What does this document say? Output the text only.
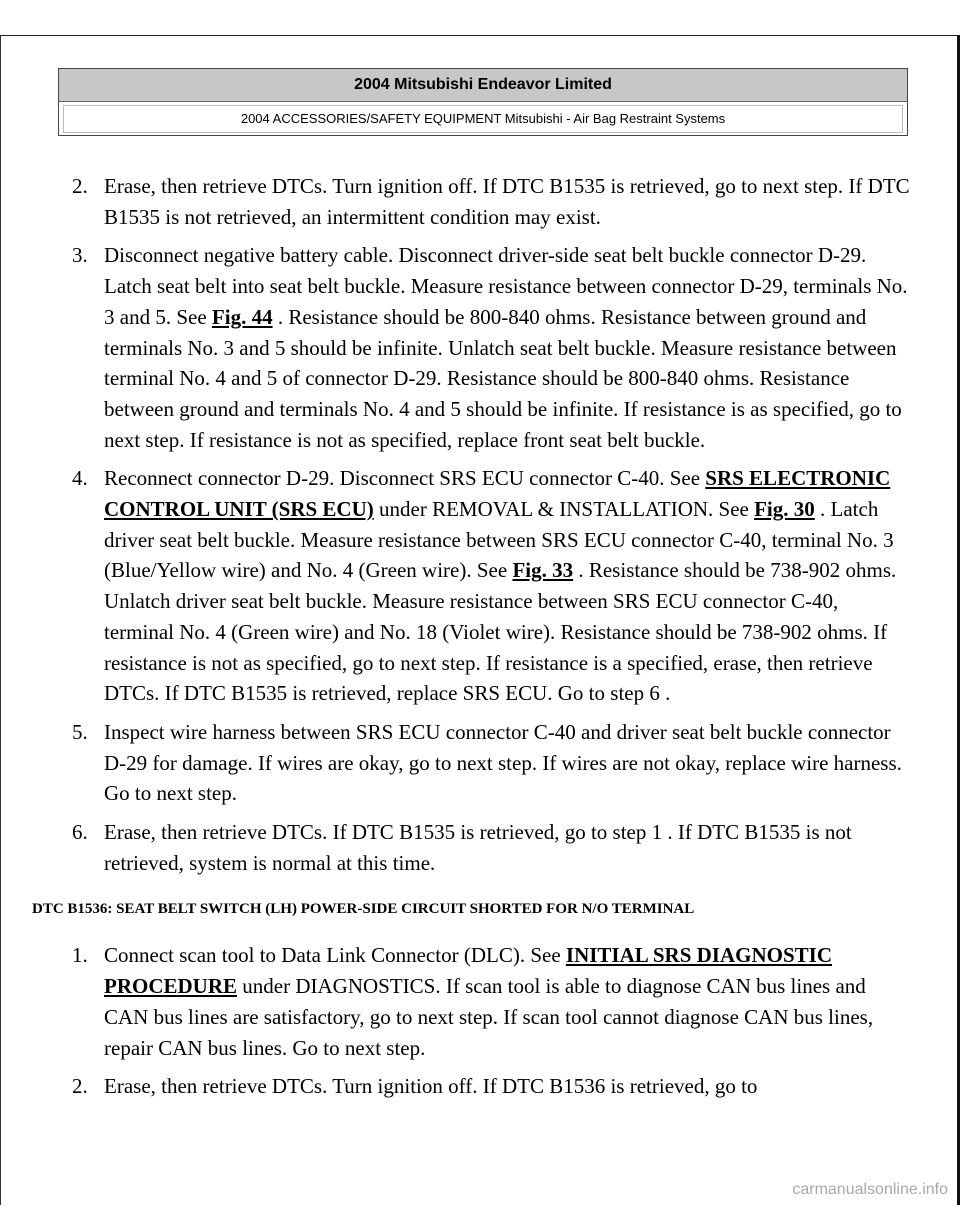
2004 Mitsubishi Endeavor Limited
2004 ACCESSORIES/SAFETY EQUIPMENT Mitsubishi - Air Bag Restraint Systems
2. Erase, then retrieve DTCs. Turn ignition off. If DTC B1535 is retrieved, go to next step. If DTC B1535 is not retrieved, an intermittent condition may exist.
3. Disconnect negative battery cable. Disconnect driver-side seat belt buckle connector D-29. Latch seat belt into seat belt buckle. Measure resistance between connector D-29, terminals No. 3 and 5. See Fig. 44 . Resistance should be 800-840 ohms. Resistance between ground and terminals No. 3 and 5 should be infinite. Unlatch seat belt buckle. Measure resistance between terminal No. 4 and 5 of connector D-29. Resistance should be 800-840 ohms. Resistance between ground and terminals No. 4 and 5 should be infinite. If resistance is as specified, go to next step. If resistance is not as specified, replace front seat belt buckle.
4. Reconnect connector D-29. Disconnect SRS ECU connector C-40. See SRS ELECTRONIC CONTROL UNIT (SRS ECU) under REMOVAL & INSTALLATION. See Fig. 30 . Latch driver seat belt buckle. Measure resistance between SRS ECU connector C-40, terminal No. 3 (Blue/Yellow wire) and No. 4 (Green wire). See Fig. 33 . Resistance should be 738-902 ohms. Unlatch driver seat belt buckle. Measure resistance between SRS ECU connector C-40, terminal No. 4 (Green wire) and No. 18 (Violet wire). Resistance should be 738-902 ohms. If resistance is not as specified, go to next step. If resistance is a specified, erase, then retrieve DTCs. If DTC B1535 is retrieved, replace SRS ECU. Go to step 6 .
5. Inspect wire harness between SRS ECU connector C-40 and driver seat belt buckle connector D-29 for damage. If wires are okay, go to next step. If wires are not okay, replace wire harness. Go to next step.
6. Erase, then retrieve DTCs. If DTC B1535 is retrieved, go to step 1 . If DTC B1535 is not retrieved, system is normal at this time.
DTC B1536: SEAT BELT SWITCH (LH) POWER-SIDE CIRCUIT SHORTED FOR N/O TERMINAL
1. Connect scan tool to Data Link Connector (DLC). See INITIAL SRS DIAGNOSTIC PROCEDURE under DIAGNOSTICS. If scan tool is able to diagnose CAN bus lines and CAN bus lines are satisfactory, go to next step. If scan tool cannot diagnose CAN bus lines, repair CAN bus lines. Go to next step.
2. Erase, then retrieve DTCs. Turn ignition off. If DTC B1536 is retrieved, go to
carmanualsonline.info
